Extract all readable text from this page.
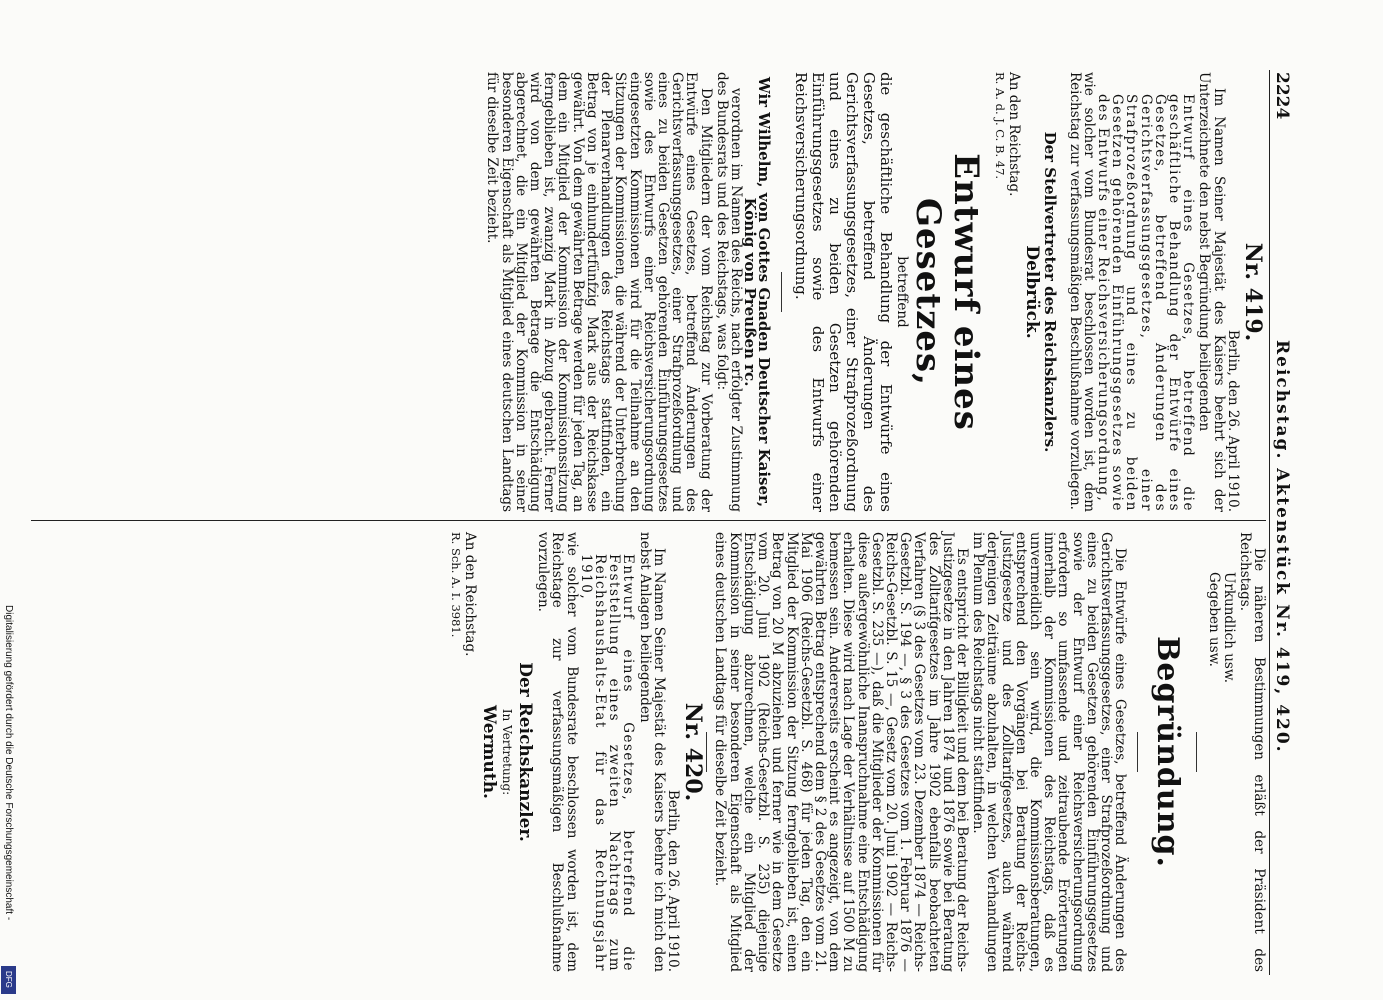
2224
Reichstag. Aktenstück Nr. 419, 420.
Nr. 419.
Berlin, den 26. April 1910.

Im Namen Seiner Majestät des Kaisers beehrt sich der Unterzeichnete den nebst Begründung beiliegenden

Entwurf eines Gesetzes, betreffend die geschäftliche Behandlung der Entwürfe eines Gesetzes, betreffend Änderungen des Gerichtsverfassungsgesetzes, einer Strafprozeßordnung und eines zu beiden Gesetzen gehörenden Einführungsgesetzes sowie des Entwurfs einer Reichsversicherungsordnung,

wie solcher vom Bundesrat beschlossen worden ist, dem Reichstag zur verfassungsmäßigen Beschlußnahme vorzulegen.

Der Stellvertreter des Reichskanzlers.
Delbrück.
An den Reichstag.
R. A. d. J. C. B. 47.
Entwurf eines Gesetzes,
betreffend
die geschäftliche Behandlung der Entwürfe eines Gesetzes, betreffend Änderungen des Gerichtsverfassungsgesetzes, einer Strafprozeßordnung und eines zu beiden Gesetzen gehörenden Einführungsgesetzes sowie des Entwurfs einer Reichsversicherungsordnung.
Wir Wilhelm, von Gottes Gnaden Deutscher Kaiser, König von Preußen rc.

verordnen im Namen des Reichs, nach erfolgter Zustimmung des Bundesrats und des Reichstags, was folgt:

Den Mitgliedern der vom Reichstag zur Vorberatung der Entwürfe eines Gesetzes, betreffend Änderungen des Gerichtsverfassungsgesetzes, einer Strafprozeßordnung und eines zu beiden Gesetzen gehörenden Einführungsgesetzes sowie des Entwurfs einer Reichsversicherungsordnung eingesetzten Kommissionen wird für die Teilnahme an den Sitzungen der Kommissionen, die während der Unterbrechung der Plenarverhandlungen des Reichstags stattfinden, ein Betrag von je einhundertfünfzig Mark aus der Reichskasse gewährt. Von dem gewährten Betrage werden für jeden Tag, an dem ein Mitglied der Kommission der Kommissionssitzung ferngeblieben ist, zwanzig Mark in Abzug gebracht. Ferner wird von dem gewährten Betrage die Entschädigung abgerechnet, die ein Mitglied der Kommission in seiner besonderen Eigenschaft als Mitglied eines deutschen Landtags für dieselbe Zeit bezieht.

Die näheren Bestimmungen erläßt der Präsident des Reichstags.

Urkundlich usw.
Gegeben usw.
Begründung.

Die Entwürfe eines Gesetzes, betreffend Änderungen des Gerichtsverfassungsgesetzes, einer Strafprozeßordnung und eines zu beiden Gesetzen gehörenden Einführungsgesetzes sowie der Entwurf einer Reichsversicherungsordnung erfordern so umfassende und zeitraubende Erörterungen innerhalb der Kommissionen des Reichstags, daß es unvermeidlich sein wird, die Kommissionsberatungen, entsprechend den Vorgängen bei Beratung der Reichs-Justizgesetze und des Zolltarifgesetzes, auch während derjenigen Zeiträume abzuhalten, in welchen Verhandlungen im Plenum des Reichstags nicht stattfinden.

Es entspricht der Billigkeit und dem bei Beratung der Reichs-Justizgesetze in den Jahren 1874 und 1876 sowie bei Beratung des Zolltarifgesetzes im Jahre 1902 ebenfalls beobachteten Verfahren (§ 3 des Gesetzes vom 23. Dezember 1874 — Reichs-Gesetzbl. S. 194 —, § 3 des Gesetzes vom 1. Februar 1876 — Reichs-Gesetzbl. S. 15 —, Gesetz vom 20. Juni 1902 — Reichs-Gesetzbl. S. 235 —), daß die Mitglieder der Kommissionen für diese außergewöhnliche Inanspruchnahme eine Entschädigung erhalten. Diese wird nach Lage der Verhältnisse auf 1500 M zu bemessen sein. Andererseits erscheint es angezeigt, von dem gewährten Betrag entsprechend dem § 2 des Gesetzes vom 21. Mai 1906 (Reichs-Gesetzbl. S. 468) für jeden Tag, den ein Mitglied der Kommission der Sitzung ferngeblieben ist, einen Betrag von 20 M abzuziehen und ferner wie in dem Gesetze vom 20. Juni 1902 (Reichs-Gesetzbl. S. 235) diejenige Entschädigung abzurechnen, welche ein Mitglied der Kommission in seiner besonderen Eigenschaft als Mitglied eines deutschen Landtags für dieselbe Zeit bezieht.

Nr. 420.
Berlin, den 26. April 1910.

Im Namen Seiner Majestät des Kaisers beehre ich mich den nebst Anlagen beiliegenden

Entwurf eines Gesetzes, betreffend die Feststellung eines zweiten Nachtrags zum Reichshaushalts-Etat für das Rechnungsjahr 1910,

wie solcher vom Bundesrate beschlossen worden ist, dem Reichstage zur verfassungsmäßigen Beschlußnahme vorzulegen.

Der Reichskanzler.
In Vertretung:
Wermuth.
An den Reichstag.
R. Sch. A. I. 3981.
Digitalisierung gefördert durch die Deutsche Forschungsgemeinschaft -
DFG
